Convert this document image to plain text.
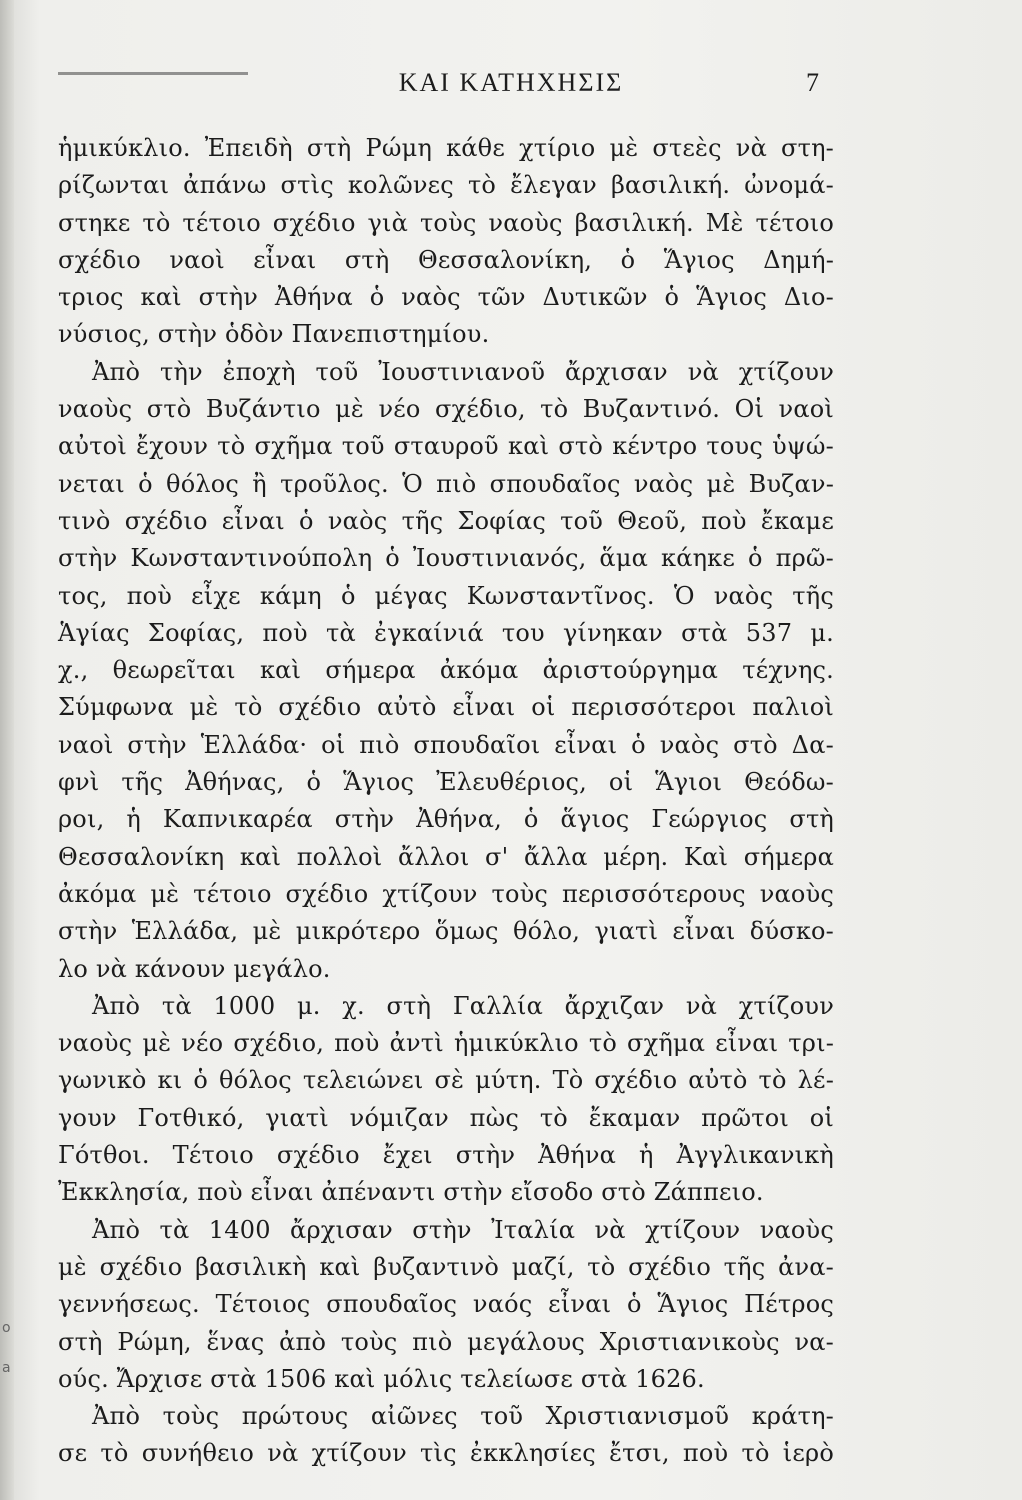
o
a
ΚΑΙ ΚΑΤΗΧΗΣΙΣ	7
ἡμικύκλιο. Ἐπειδὴ στὴ Ρώμη κάθε χτίριο μὲ στεὲς νὰ στη-
ρίζωνται ἀπάνω στὶς κολῶνες τὸ ἔλεγαν βασιλική. ὠνομά-
στηκε τὸ τέτοιο σχέδιο γιὰ τοὺς ναοὺς βασιλική. Μὲ τέτοιο
σχέδιο ναοὶ εἶναι στὴ Θεσσαλονίκη, ὁ Ἅγιος Δημή-
τριος καὶ στὴν Ἀθήνα ὁ ναὸς τῶν Δυτικῶν ὁ Ἅγιος Διο-
νύσιος, στὴν ὁδὸν Πανεπιστημίου.
Ἀπὸ τὴν ἐποχὴ τοῦ Ἰουστινιανοῦ ἄρχισαν νὰ χτίζουν
ναοὺς στὸ Βυζάντιο μὲ νέο σχέδιο, τὸ Βυζαντινό. Οἱ ναοὶ
αὐτοὶ ἔχουν τὸ σχῆμα τοῦ σταυροῦ καὶ στὸ κέντρο τους ὑψώ-
νεται ὁ θόλος ἢ τροῦλος. Ὁ πιὸ σπουδαῖος ναὸς μὲ Βυζαν-
τινὸ σχέδιο εἶναι ὁ ναὸς τῆς Σοφίας τοῦ Θεοῦ, ποὺ ἔκαμε
στὴν Κωνσταντινούπολη ὁ Ἰουστινιανός, ἅμα κάηκε ὁ πρῶ-
τος, ποὺ εἶχε κάμη ὁ μέγας Κωνσταντῖνος. Ὁ ναὸς τῆς
Ἁγίας Σοφίας, ποὺ τὰ ἐγκαίνιά του γίνηκαν στὰ 537 μ.
χ., θεωρεῖται καὶ σήμερα ἀκόμα ἀριστούργημα τέχνης.
Σύμφωνα μὲ τὸ σχέδιο αὐτὸ εἶναι οἱ περισσότεροι παλιοὶ
ναοὶ στὴν Ἑλλάδα· οἱ πιὸ σπουδαῖοι εἶναι ὁ ναὸς στὸ Δα-
φνὶ τῆς Ἀθήνας, ὁ Ἅγιος Ἐλευθέριος, οἱ Ἅγιοι Θεόδω-
ροι, ἡ Καπνικαρέα στὴν Ἀθήνα, ὁ ἅγιος Γεώργιος στὴ
Θεσσαλονίκη καὶ πολλοὶ ἄλλοι σ' ἄλλα μέρη. Καὶ σήμερα
ἀκόμα μὲ τέτοιο σχέδιο χτίζουν τοὺς περισσότερους ναοὺς
στὴν Ἑλλάδα, μὲ μικρότερο ὅμως θόλο, γιατὶ εἶναι δύσκο-
λο νὰ κάνουν μεγάλο.
Ἀπὸ τὰ 1000 μ. χ. στὴ Γαλλία ἄρχιζαν νὰ χτίζουν
ναοὺς μὲ νέο σχέδιο, ποὺ ἀντὶ ἡμικύκλιο τὸ σχῆμα εἶναι τρι-
γωνικὸ κι ὁ θόλος τελειώνει σὲ μύτη. Τὸ σχέδιο αὐτὸ τὸ λέ-
γουν Γοτθικό, γιατὶ νόμιζαν πὼς τὸ ἔκαμαν πρῶτοι οἱ
Γότθοι. Τέτοιο σχέδιο ἔχει στὴν Ἀθήνα ἡ Ἀγγλικανικὴ
Ἐκκλησία, ποὺ εἶναι ἀπέναντι στὴν εἴσοδο στὸ Ζάππειο.
Ἀπὸ τὰ 1400 ἄρχισαν στὴν Ἰταλία νὰ χτίζουν ναοὺς
μὲ σχέδιο βασιλικὴ καὶ βυζαντινὸ μαζί, τὸ σχέδιο τῆς ἀνα-
γεννήσεως. Τέτοιος σπουδαῖος ναός εἶναι ὁ Ἅγιος Πέτρος
στὴ Ρώμη, ἕνας ἀπὸ τοὺς πιὸ μεγάλους Χριστιανικοὺς να-
ούς. Ἄρχισε στὰ 1506 καὶ μόλις τελείωσε στὰ 1626.
Ἀπὸ τοὺς πρώτους αἰῶνες τοῦ Χριστιανισμοῦ κράτη-
σε τὸ συνήθειο νὰ χτίζουν τὶς ἐκκλησίες ἔτσι, ποὺ τὸ ἱερὸ
